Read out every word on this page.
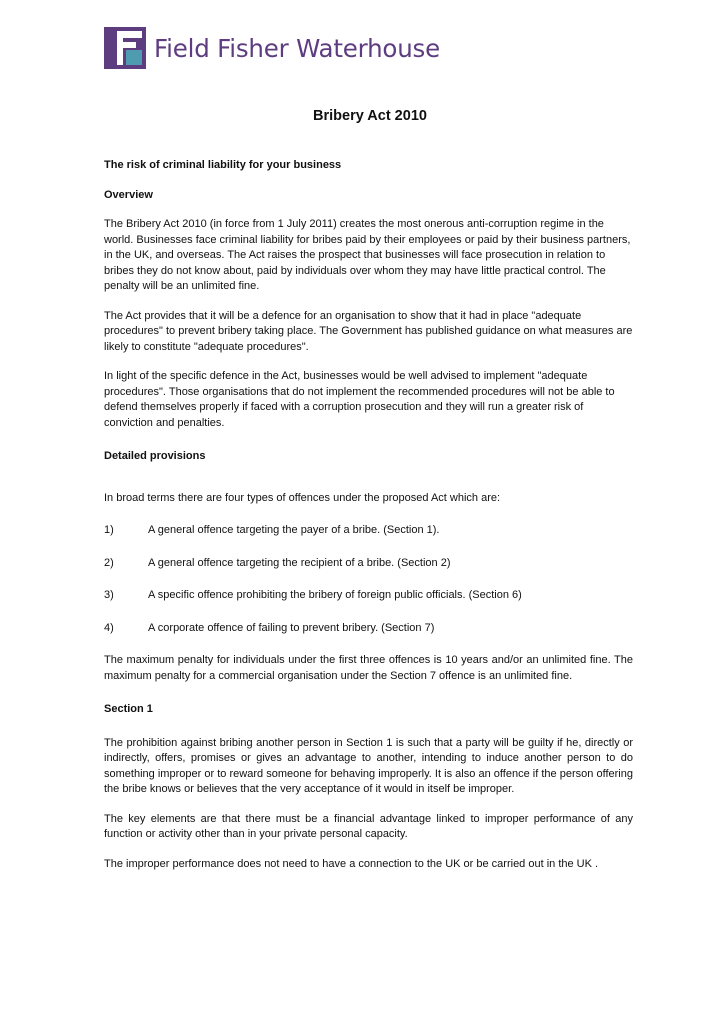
Field Fisher Waterhouse
Bribery Act 2010

The risk of criminal liability for your business

Overview

The Bribery Act 2010 (in force from 1 July 2011) creates the most onerous anti-corruption regime in the world. Businesses face criminal liability for bribes paid by their employees or paid by their business partners, in the UK, and overseas. The Act raises the prospect that businesses will face prosecution in relation to bribes they do not know about, paid by individuals over whom they may have little practical control. The penalty will be an unlimited fine.

The Act provides that it will be a defence for an organisation to show that it had in place "adequate procedures" to prevent bribery taking place. The Government has published guidance on what measures are likely to constitute "adequate procedures".

In light of the specific defence in the Act, businesses would be well advised to implement "adequate procedures". Those organisations that do not implement the recommended procedures will not be able to defend themselves properly if faced with a corruption prosecution and they will run a greater risk of conviction and penalties.

Detailed provisions

In broad terms there are four types of offences under the proposed Act which are:

1)	A general offence targeting the payer of a bribe. (Section 1).
2)	A general offence targeting the recipient of a bribe. (Section 2)
3)	A specific offence prohibiting the bribery of foreign public officials. (Section 6)
4)	A corporate offence of failing to prevent bribery. (Section 7)

The maximum penalty for individuals under the first three offences is 10 years and/or an unlimited fine. The maximum penalty for a commercial organisation under the Section 7 offence is an unlimited fine.

Section 1

The prohibition against bribing another person in Section 1 is such that a party will be guilty if he, directly or indirectly, offers, promises or gives an advantage to another, intending to induce another person to do something improper or to reward someone for behaving improperly. It is also an offence if the person offering the bribe knows or believes that the very acceptance of it would in itself be improper.

The key elements are that there must be a financial advantage linked to improper performance of any function or activity other than in your private personal capacity.

The improper performance does not need to have a connection to the UK or be carried out in the UK .
